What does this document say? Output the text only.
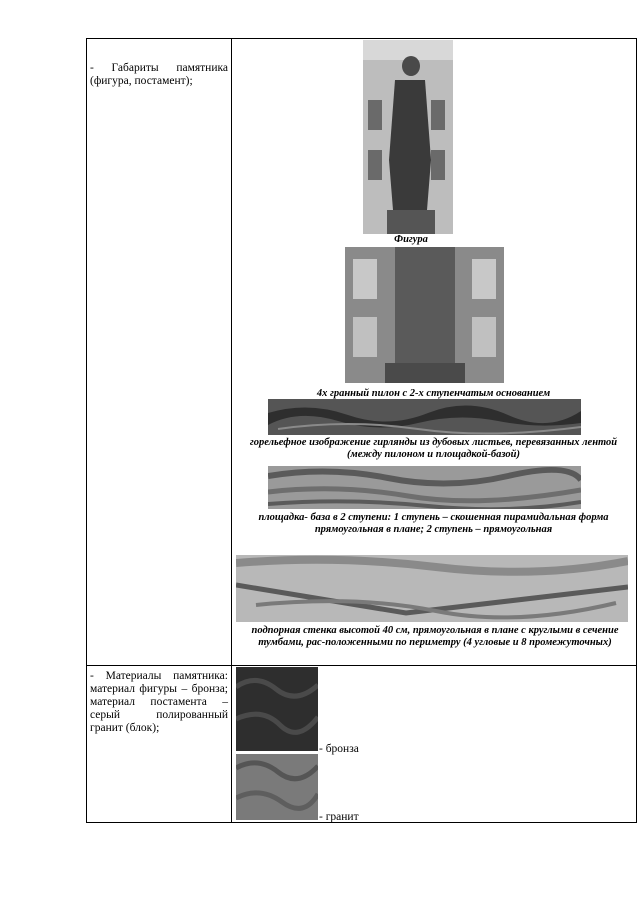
- Габариты памятника (фигура, постамент);
Фигура
4х гранный пилон с 2-х ступенчатым основанием
горельефное изображение гирлянды из дубовых листьев, перевязанных лентой (между пилоном и площадкой-базой)
площадка- база в 2 ступени: 1 ступень – скошенная пирамидальная форма прямоугольная в плане; 2 ступень – прямоугольная
подпорная стенка высотой 40 см, прямоугольная в плане с круглыми в сечение тумбами, рас-положенными по периметру (4 угловые и 8 промежуточных)
- Материалы памятника: материал фигуры – бронза; материал постамента – серый полированный гранит (блок);
- бронза
- гранит
